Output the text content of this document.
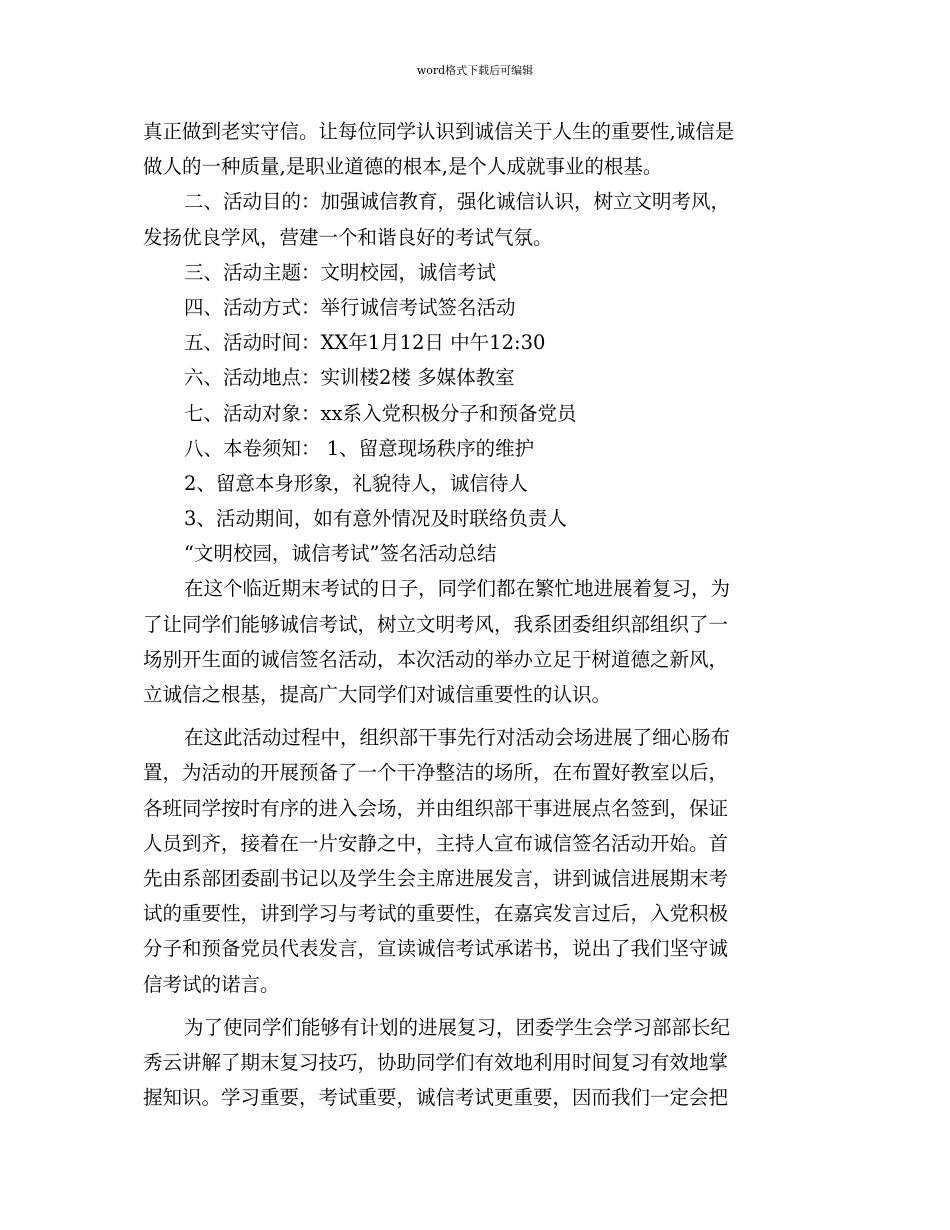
word格式下载后可编辑
真正做到老实守信。让每位同学认识到诚信关于人生的重要性,诚信是
做人的一种质量,是职业道德的根本,是个人成就事业的根基。
二、活动目的：加强诚信教育，强化诚信认识，树立文明考风，
发扬优良学风，营建一个和谐良好的考试气氛。
三、活动主题：文明校园，诚信考试
四、活动方式：举行诚信考试签名活动
五、活动时间：XX年1月12日 中午12:30
六、活动地点：实训楼2楼 多媒体教室
七、活动对象：xx系入党积极分子和预备党员
八、本卷须知： 1、留意现场秩序的维护
2、留意本身形象，礼貌待人，诚信待人
3、活动期间，如有意外情况及时联络负责人
“文明校园，诚信考试”签名活动总结
在这个临近期末考试的日子，同学们都在繁忙地进展着复习，为
了让同学们能够诚信考试，树立文明考风，我系团委组织部组织了一
场别开生面的诚信签名活动，本次活动的举办立足于树道德之新风，
立诚信之根基，提高广大同学们对诚信重要性的认识。
在这此活动过程中，组织部干事先行对活动会场进展了细心肠布
置，为活动的开展预备了一个干净整洁的场所，在布置好教室以后，
各班同学按时有序的进入会场，并由组织部干事进展点名签到，保证
人员到齐，接着在一片安静之中，主持人宣布诚信签名活动开始。首
先由系部团委副书记以及学生会主席进展发言，讲到诚信进展期末考
试的重要性，讲到学习与考试的重要性，在嘉宾发言过后，入党积极
分子和预备党员代表发言，宣读诚信考试承诺书，说出了我们坚守诚
信考试的诺言。
为了使同学们能够有计划的进展复习，团委学生会学习部部长纪
秀云讲解了期末复习技巧，协助同学们有效地利用时间复习有效地掌
握知识。学习重要，考试重要，诚信考试更重要，因而我们一定会把
